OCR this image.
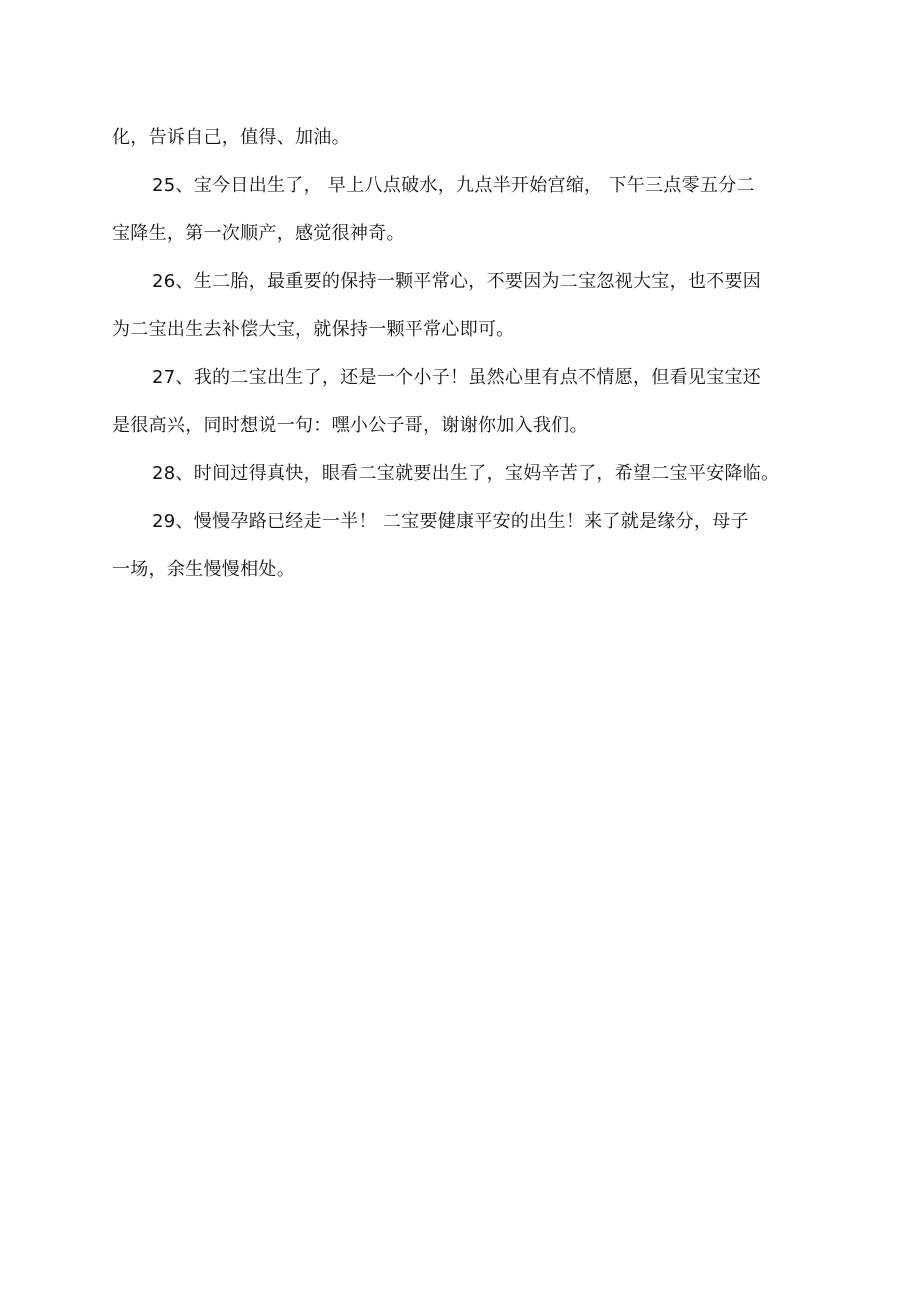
化，告诉自己，值得、加油。

25、宝今日出生了， 早上八点破水，九点半开始宫缩， 下午三点零五分二
宝降生，第一次顺产，感觉很神奇。

26、生二胎，最重要的保持一颗平常心，不要因为二宝忽视大宝，也不要因
为二宝出生去补偿大宝，就保持一颗平常心即可。

27、我的二宝出生了，还是一个小子！虽然心里有点不情愿，但看见宝宝还
是很高兴，同时想说一句：嘿小公子哥，谢谢你加入我们。

28、时间过得真快，眼看二宝就要出生了，宝妈辛苦了，希望二宝平安降临。

29、慢慢孕路已经走一半！ 二宝要健康平安的出生！来了就是缘分，母子
一场，余生慢慢相处。
